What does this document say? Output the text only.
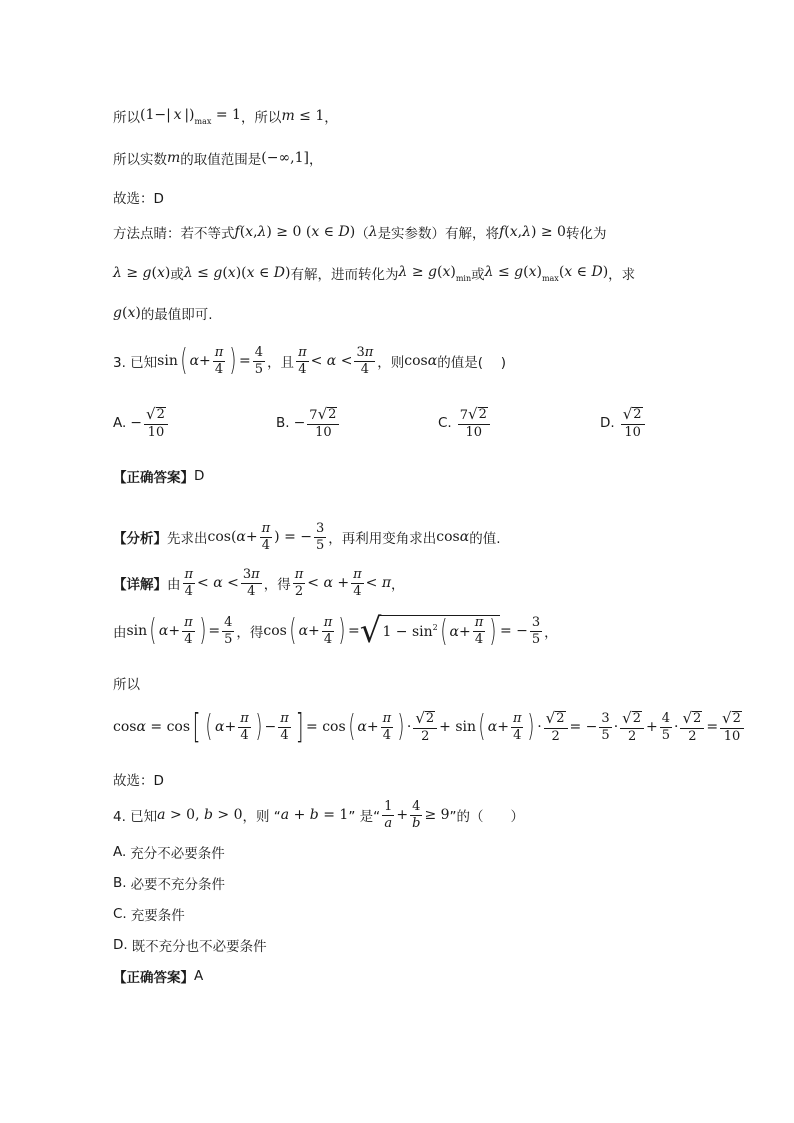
所以 (1−| x $|)_{max} = 1$ ，所以 m ≤ 1 ，
所以实数 m 的取值范围是 (−∞,1] ，
故选：D
方法点睛：若不等式 f(x,λ) ≥ 0 (x ∈ D) （ λ 是实参数）有解，将 f(x,λ) ≥ 0 转化为
λ ≥ g(x) 或 λ ≤ g(x)(x ∈ D) 有解，进而转化为 $\lambda \ge g(x)_{min}$ 或 $\lambda \le g(x)_{max}(x$ ∈ D) ，求
g(x) 的最值即可.
3. 已知 sin ( $\alpha + \frac{\pi}{4}$ ) = $\frac{4}{5}$ ，且 $\frac{\pi}{4} < \alpha < \frac{3\pi}{4}$ ，则 cosα 的值是(　 )
A. − $\frac{√ 2}{10}$	B. − $\frac{7 √ 2}{10}$	C. $\frac{7 √ 2}{10}$	D. $\frac{√ 2}{10}$
【正确答案】 D
【分析】 先求出 $\cos(\alpha+ \frac{\pi}{4}$ ) = − $\frac{3}{5}$ ，再利用变角求出 cosα 的值.
【详解】 由 $\frac{\pi}{4} < \alpha < \frac{3\pi}{4}$ ，得 $\frac{\pi}{2} < \alpha + \frac{\pi}{4} < \pi$ ，
由 sin ( $\alpha + \frac{\pi}{4}$ ) = $\frac{4}{5}$ ，得 cos ( $\alpha + \frac{\pi}{4}$ ) = √ $1 - \sin^2$ ( $\alpha + \frac{\pi}{4}$ ) = − $\frac{3}{5}$ ，
所以
cosα = cos [ ( $\alpha + \frac{\pi}{4}$ ) − $\frac{\pi}{4}$ ] = cos ( $\alpha + \frac{\pi}{4}$ ) · $\frac{√ 2}{2} + \sin$ ( $\alpha + \frac{\pi}{4}$ ) · $\frac{√ 2}{2}$ = − $\frac{3}{5} \cdot \frac{√ 2}{2} + \frac{4}{5} \cdot \frac{√ 2}{2} = \frac{√ 2}{10}$
故选：D
4. 已知 a > 0, b > 0 ，则 “ a + b = 1 ” 是“ $\frac{1}{a} + \frac{4}{b} \ge 9$ ”的（　　）
A. 充分不必要条件
B. 必要不充分条件
C. 充要条件
D. 既不充分也不必要条件
【正确答案】 A
